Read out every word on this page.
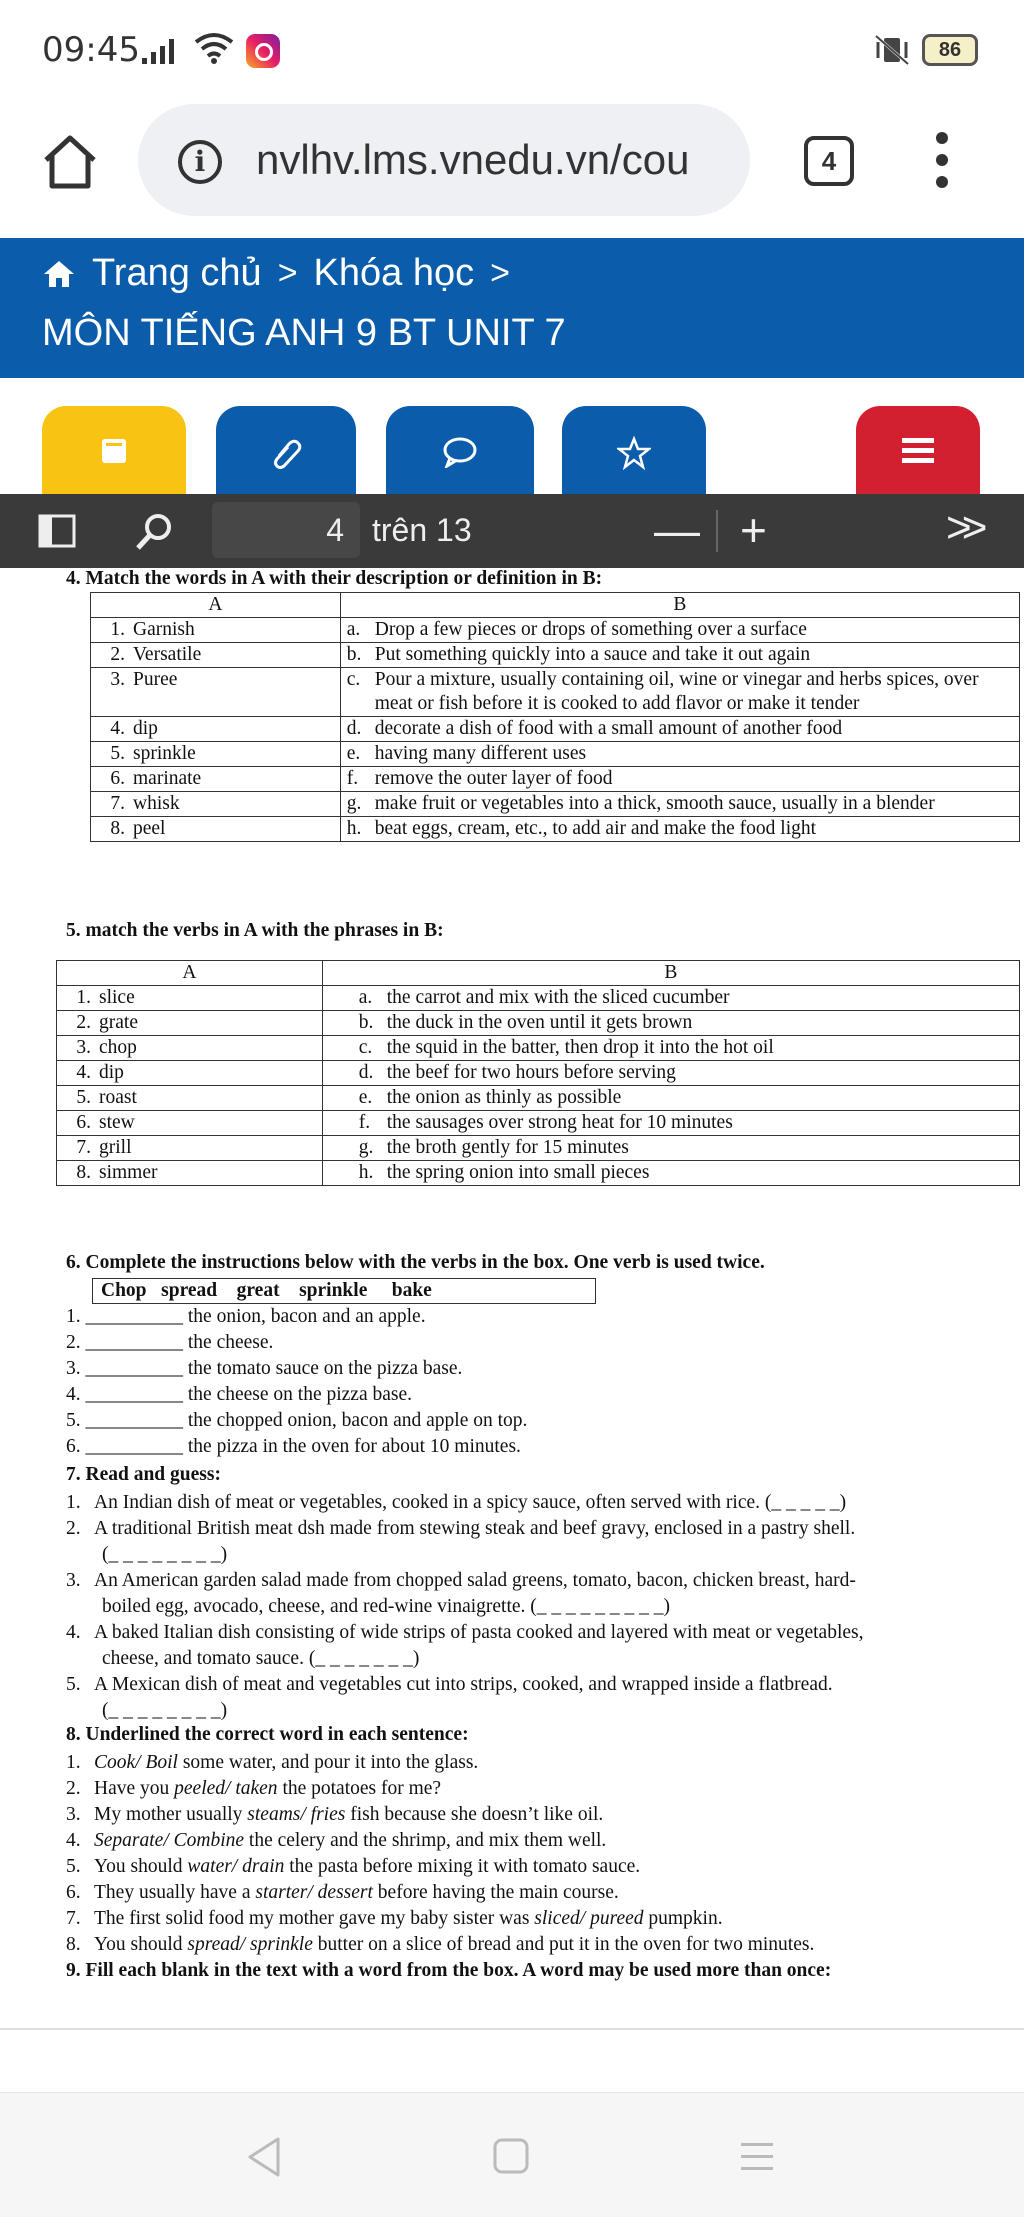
09:45	86
i	nvlhv.lms.vnedu.vn/cou	4
Trang chủ > Khóa học >
MÔN TIẾNG ANH 9 BT UNIT 7
4 trên 13	— +	>>
4. Match the words in A with their description or definition in B:
A	B
1. Garnish	a. Drop a few pieces or drops of something over a surface

2. Versatile	b. Put something quickly into a sauce and take it out again

3. Puree	c. Pour a mixture, usually containing oil, wine or vinegar and herbs spices, over meat or fish before it is cooked to add flavor or make it tender

4. dip	d. decorate a dish of food with a small amount of another food

5. sprinkle	e. having many different uses

6. marinate	f. remove the outer layer of food

7. whisk	g. make fruit or vegetables into a thick, smooth sauce, usually in a blender

8. peel	h. beat eggs, cream, etc., to add air and make the food light
5. match the verbs in A with the phrases in B:
A	B
1. slice	a. the carrot and mix with the sliced cucumber
2. grate	b. the duck in the oven until it gets brown
3. chop	c. the squid in the batter, then drop it into the hot oil
4. dip	d. the beef for two hours before serving
5. roast	e. the onion as thinly as possible
6. stew	f. the sausages over strong heat for 10 minutes
7. grill	g. the broth gently for 15 minutes
8. simmer	h. the spring onion into small pieces
6. Complete the instructions below with the verbs in the box. One verb is used twice.
Chop   spread    great    sprinkle     bake
1. __________ the onion, bacon and an apple.
2. __________ the cheese.
3. __________ the tomato sauce on the pizza base.
4. __________ the cheese on the pizza base.
5. __________ the chopped onion, bacon and apple on top.
6. __________ the pizza in the oven for about 10 minutes.
7. Read and guess:
1. An Indian dish of meat or vegetables, cooked in a spicy sauce, often served with rice. (_ _ _ _ _)
2. A traditional British meat dsh made from stewing steak and beef gravy, enclosed in a pastry shell.
(_ _ _ _ _ _ _ _)
3. An American garden salad made from chopped salad greens, tomato, bacon, chicken breast, hard-
boiled egg, avocado, cheese, and red-wine vinaigrette. (_ _ _ _ _ _ _ _ _)
4. A baked Italian dish consisting of wide strips of pasta cooked and layered with meat or vegetables,
cheese, and tomato sauce. (_ _ _ _ _ _ _)
5. A Mexican dish of meat and vegetables cut into strips, cooked, and wrapped inside a flatbread.
(_ _ _ _ _ _ _ _)
8. Underlined the correct word in each sentence:
1. Cook/ Boil some water, and pour it into the glass.
2. Have you peeled/ taken the potatoes for me?
3. My mother usually steams/ fries fish because she doesn’t like oil.
4. Separate/ Combine the celery and the shrimp, and mix them well.
5. You should water/ drain the pasta before mixing it with tomato sauce.
6. They usually have a starter/ dessert before having the main course.
7. The first solid food my mother gave my baby sister was sliced/ pureed pumpkin.
8. You should spread/ sprinkle butter on a slice of bread and put it in the oven for two minutes.
9. Fill each blank in the text with a word from the box. A word may be used more than once:
